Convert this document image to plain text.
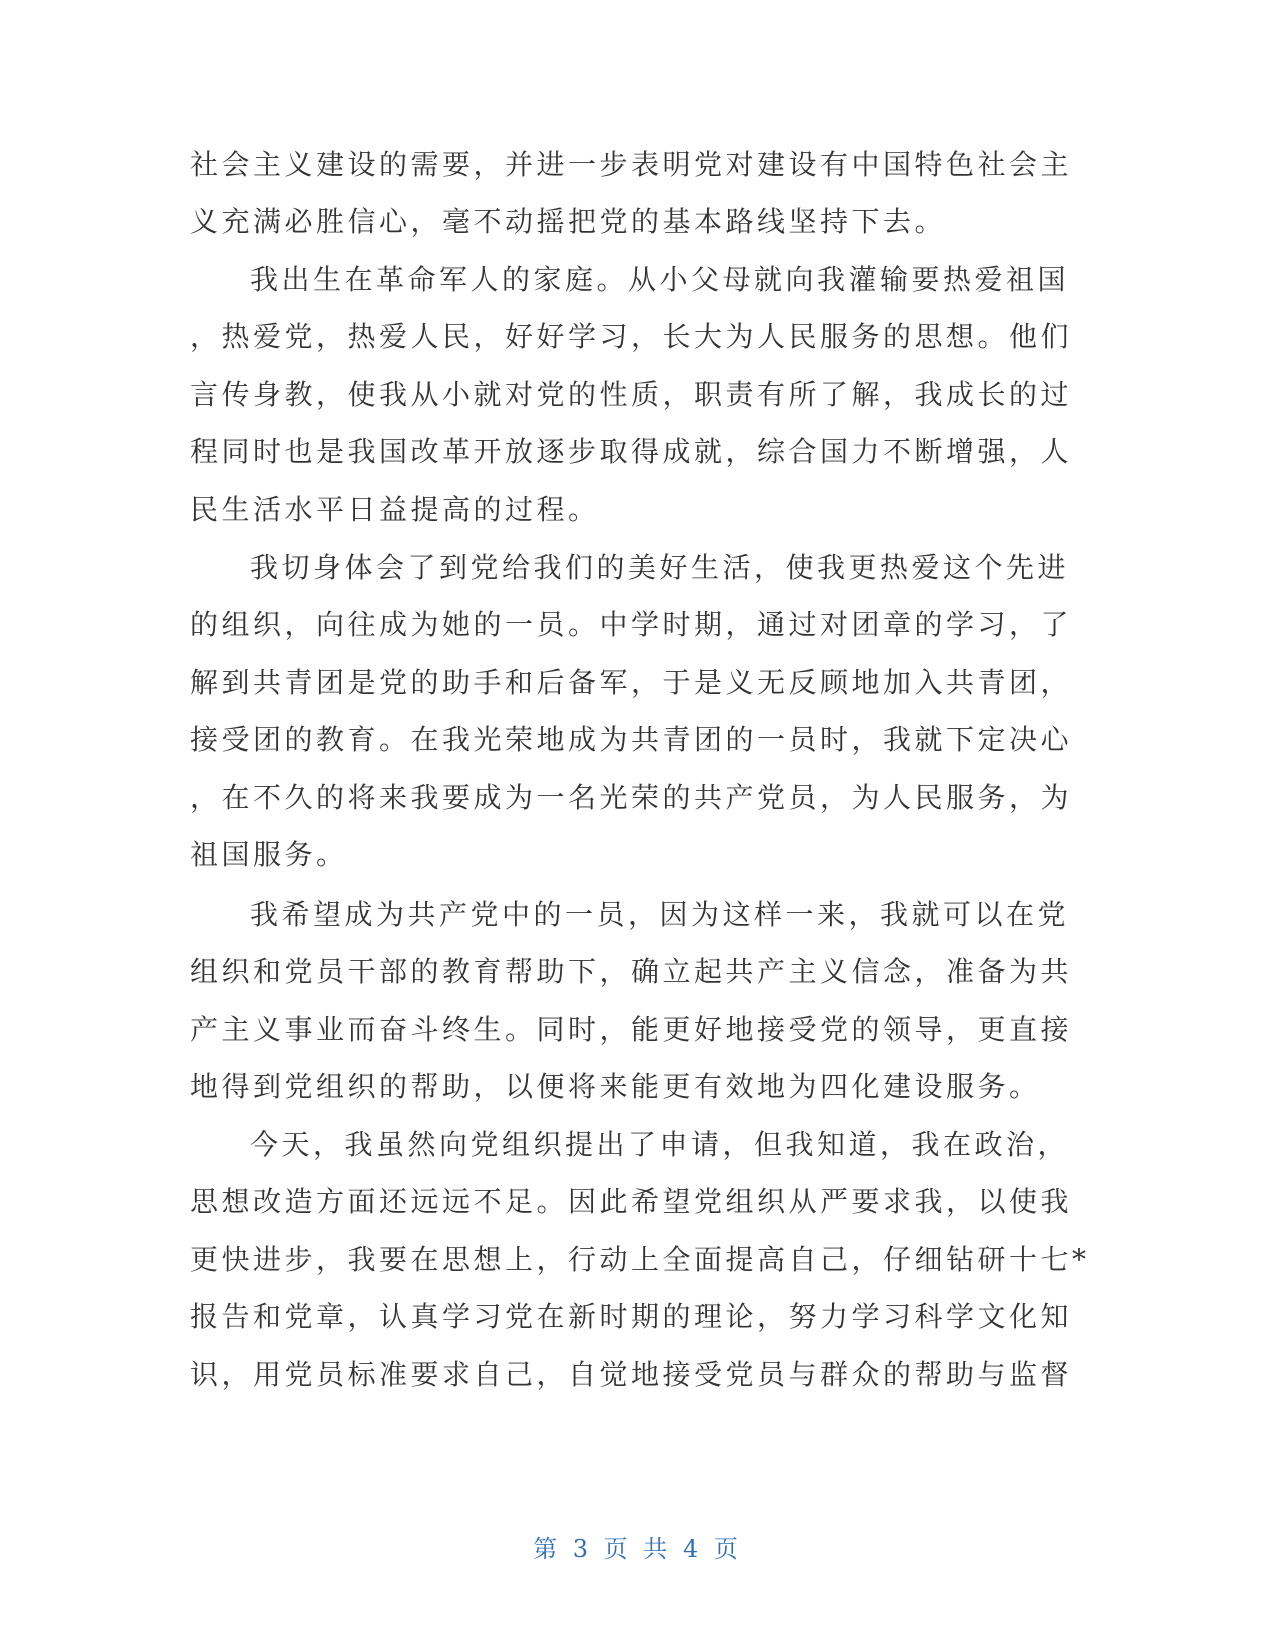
社会主义建设的需要，并进一步表明党对建设有中国特色社会主
义充满必胜信心，毫不动摇把党的基本路线坚持下去。
我出生在革命军人的家庭。从小父母就向我灌输要热爱祖国
，热爱党，热爱人民，好好学习，长大为人民服务的思想。他们
言传身教，使我从小就对党的性质，职责有所了解，我成长的过
程同时也是我国改革开放逐步取得成就，综合国力不断增强，人
民生活水平日益提高的过程。
我切身体会了到党给我们的美好生活，使我更热爱这个先进
的组织，向往成为她的一员。中学时期，通过对团章的学习，了
解到共青团是党的助手和后备军，于是义无反顾地加入共青团，
接受团的教育。在我光荣地成为共青团的一员时，我就下定决心
，在不久的将来我要成为一名光荣的共产党员，为人民服务，为
祖国服务。
我希望成为共产党中的一员，因为这样一来，我就可以在党
组织和党员干部的教育帮助下，确立起共产主义信念，准备为共
产主义事业而奋斗终生。同时，能更好地接受党的领导，更直接
地得到党组织的帮助，以便将来能更有效地为四化建设服务。
今天，我虽然向党组织提出了申请，但我知道，我在政治，
思想改造方面还远远不足。因此希望党组织从严要求我，以使我
更快进步，我要在思想上，行动上全面提高自己，仔细钻研十七*
报告和党章，认真学习党在新时期的理论，努力学习科学文化知
识，用党员标准要求自己，自觉地接受党员与群众的帮助与监督
第 3 页 共 4 页
